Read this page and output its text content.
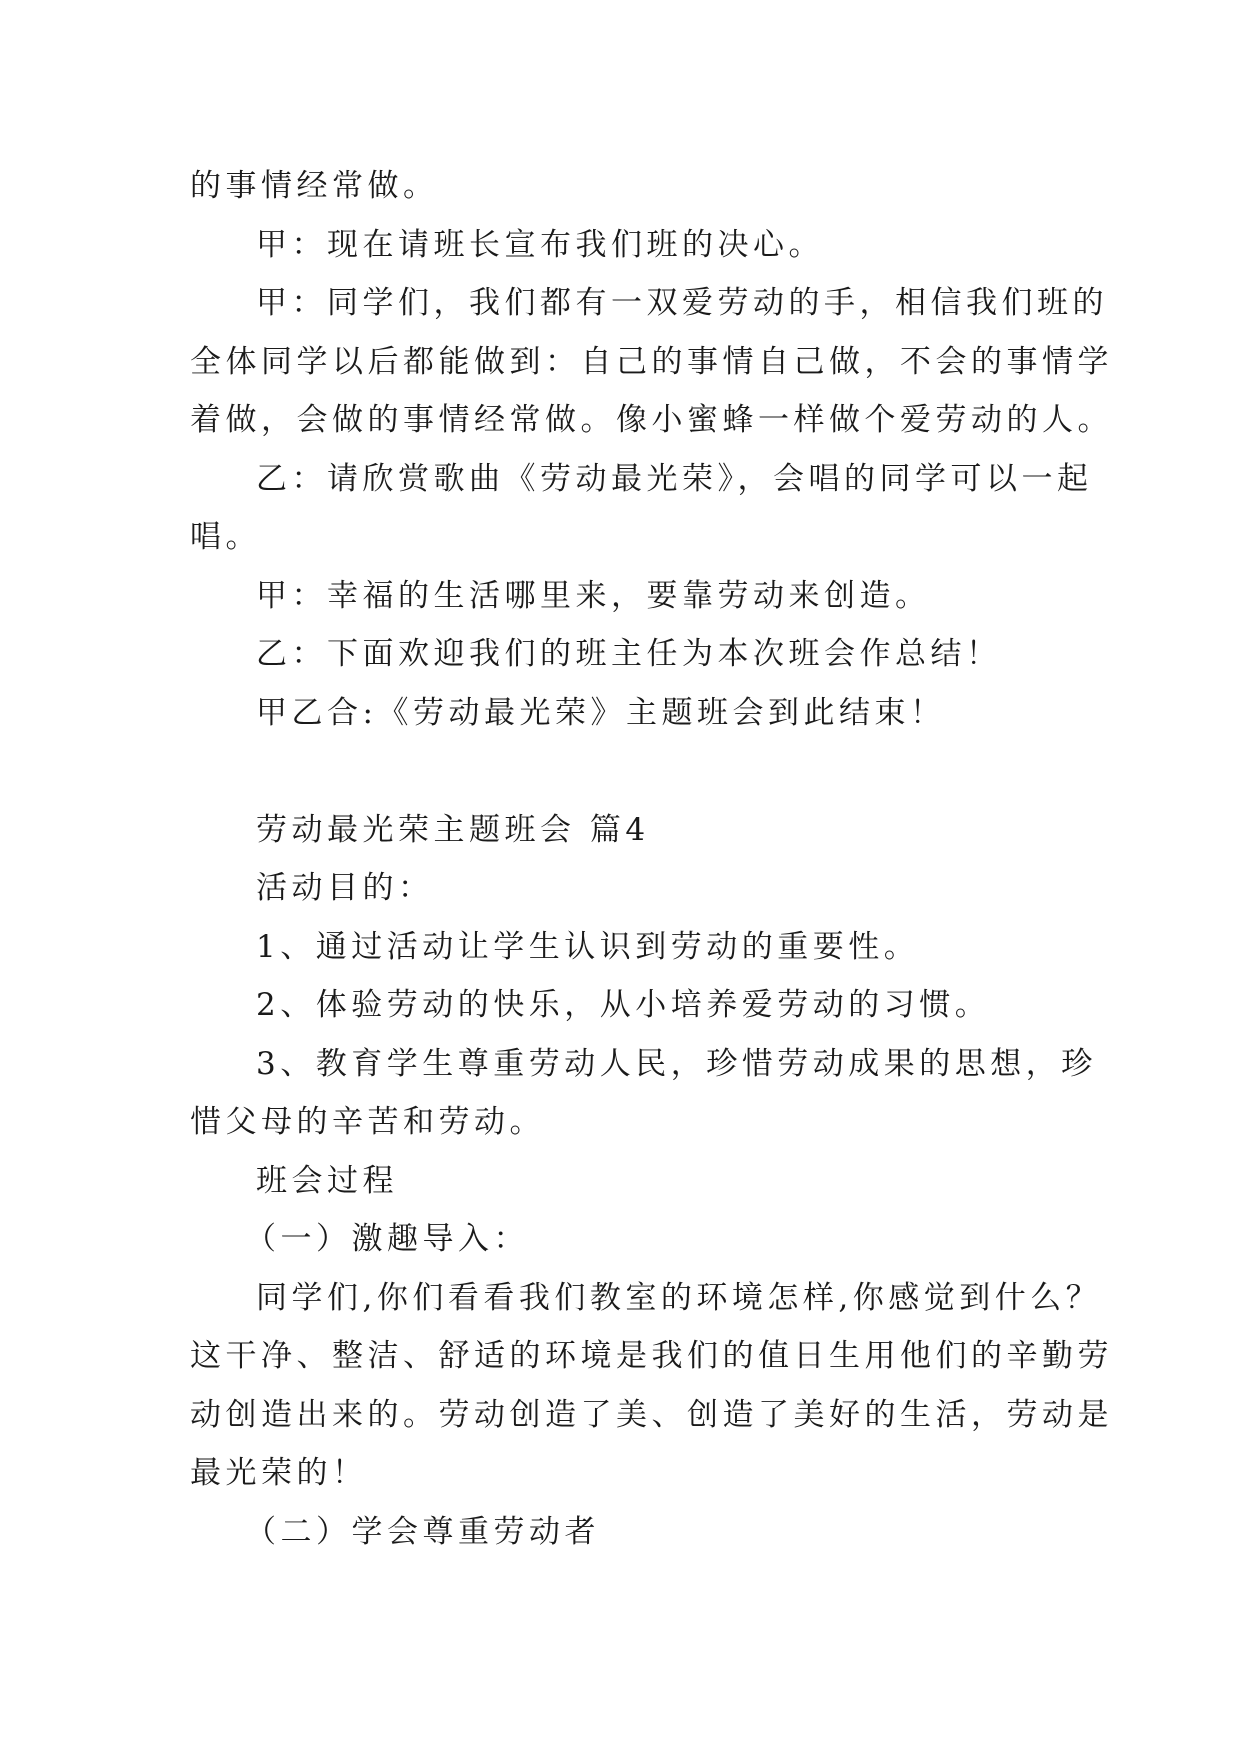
的事情经常做。
甲：现在请班长宣布我们班的决心。
甲：同学们，我们都有一双爱劳动的手，相信我们班的
全体同学以后都能做到：自己的事情自己做，不会的事情学
着做，会做的事情经常做。像小蜜蜂一样做个爱劳动的人。
乙：请欣赏歌曲《劳动最光荣》，会唱的同学可以一起
唱。
甲：幸福的生活哪里来，要靠劳动来创造。
乙：下面欢迎我们的班主任为本次班会作总结！
甲乙合:《劳动最光荣》主题班会到此结束！
劳动最光荣主题班会 篇4
活动目的：
1、通过活动让学生认识到劳动的重要性。
2、体验劳动的快乐，从小培养爱劳动的习惯。
3、教育学生尊重劳动人民，珍惜劳动成果的思想，珍
惜父母的辛苦和劳动。
班会过程
（一）激趣导入：
同学们,你们看看我们教室的环境怎样,你感觉到什么？
这干净、整洁、舒适的环境是我们的值日生用他们的辛勤劳
动创造出来的。劳动创造了美、创造了美好的生活，劳动是
最光荣的！
（二）学会尊重劳动者
